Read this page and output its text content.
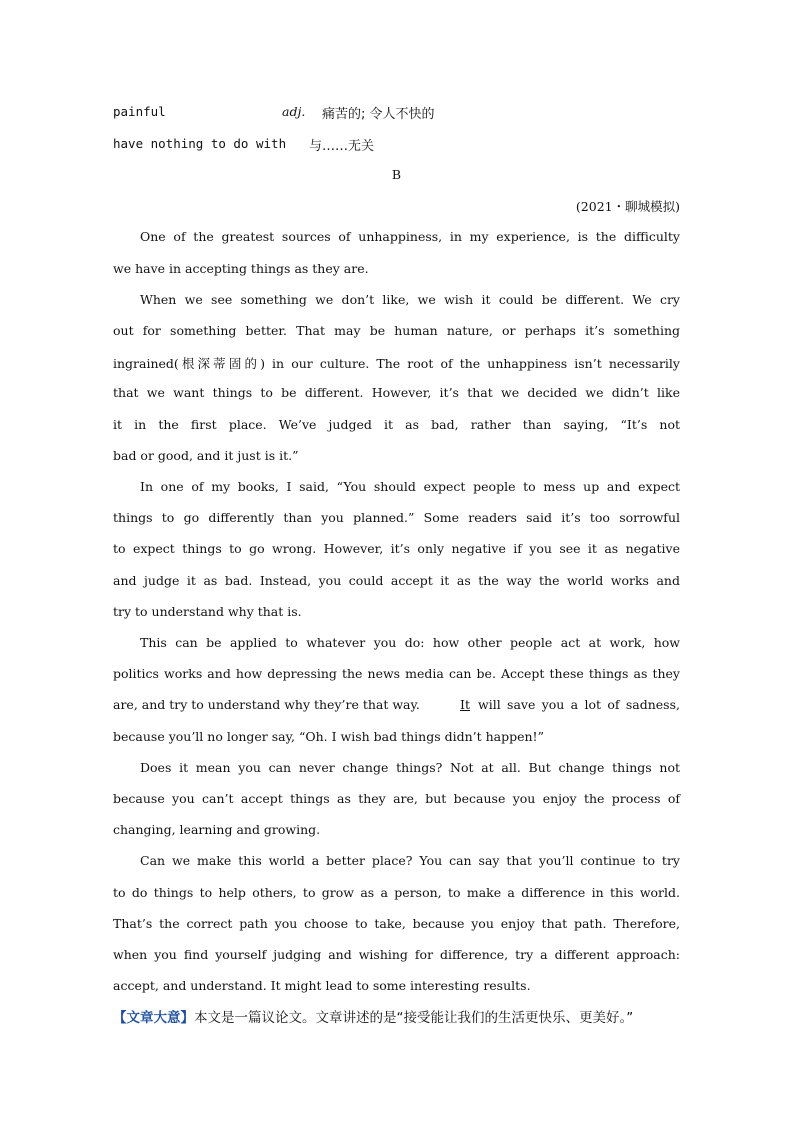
painful	adj. 痛苦的; 令人不快的
have nothing to do with 与……无关
B
(2021・聊城模拟)
One of the greatest sources of unhappiness, in my experience, is the difficulty
we have in accepting things as they are.
When we see something we don’t like, we wish it could be different. We cry
out for something better. That may be human nature, or perhaps it’s something
ingrained(根深蒂固的) in our culture. The root of the unhappiness isn’t necessarily
that we want things to be different. However, it’s that we decided we didn’t like
it in the first place. We’ve judged it as bad, rather than saying, “It’s not
bad or good, and it just is it.”
In one of my books, I said, “You should expect people to mess up and expect
things to go differently than you planned.” Some readers said it’s too sorrowful
to expect things to go wrong. However, it’s only negative if you see it as negative
and judge it as bad. Instead, you could accept it as the way the world works and
try to understand why that is.
This can be applied to whatever you do: how other people act at work, how
politics works and how depressing the news media can be. Accept these things as they
are, and try to understand why they’re that way.	It will save you a lot of sadness,
because you’ll no longer say, “Oh. I wish bad things didn’t happen!”
Does it mean you can never change things? Not at all. But change things not
because you can’t accept things as they are, but because you enjoy the process of
changing, learning and growing.
Can we make this world a better place? You can say that you’ll continue to try
to do things to help others, to grow as a person, to make a difference in this world.
That’s the correct path you choose to take, because you enjoy that path. Therefore,
when you find yourself judging and wishing for difference, try a different approach:
accept, and understand. It might lead to some interesting results.
【文章大意】本文是一篇议论文。文章讲述的是“接受能让我们的生活更快乐、更美好。”
